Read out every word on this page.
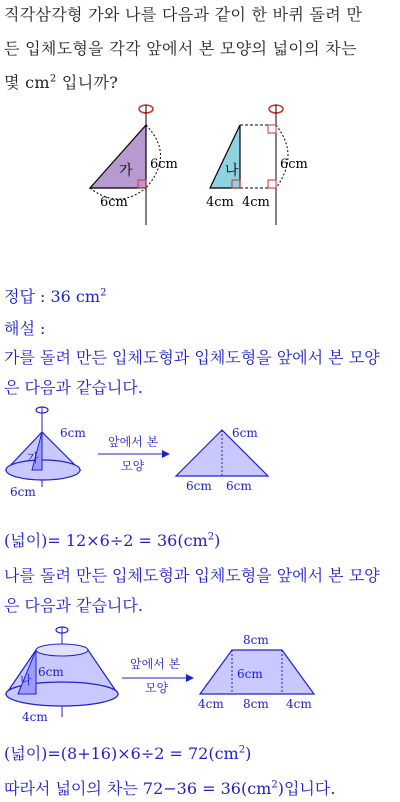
직각삼각형 가와 나를 다음과 같이 한 바퀴 돌려 만
든 입체도형을 각각 앞에서 본 모양의 넓이의 차는
몇 $cm^2$ 입니까?
가 6cm
6cm
나	6cm
4cm 4cm
정답 : 36 $cm^2$
해설 :
가를 돌려 만든 입체도형과 입체도형을 앞에서 본 모양
은 다음과 같습니다.
가
6cm
6cm
앞에서 본
모양
6cm
6cm 6cm
(넓이)= $12\times 6\div 2 = 36(cm^2)$
나를 돌려 만든 입체도형과 입체도형을 앞에서 본 모양
은 다음과 같습니다.
나
6cm
4cm
앞에서 본
모양
8cm
6cm
4cm 8cm 4cm
(넓이)$=(8+16)\times 6\div 2 = 72(cm^2)$
따라서 넓이의 차는 $72-36 = 36(cm^2)$입니다.
